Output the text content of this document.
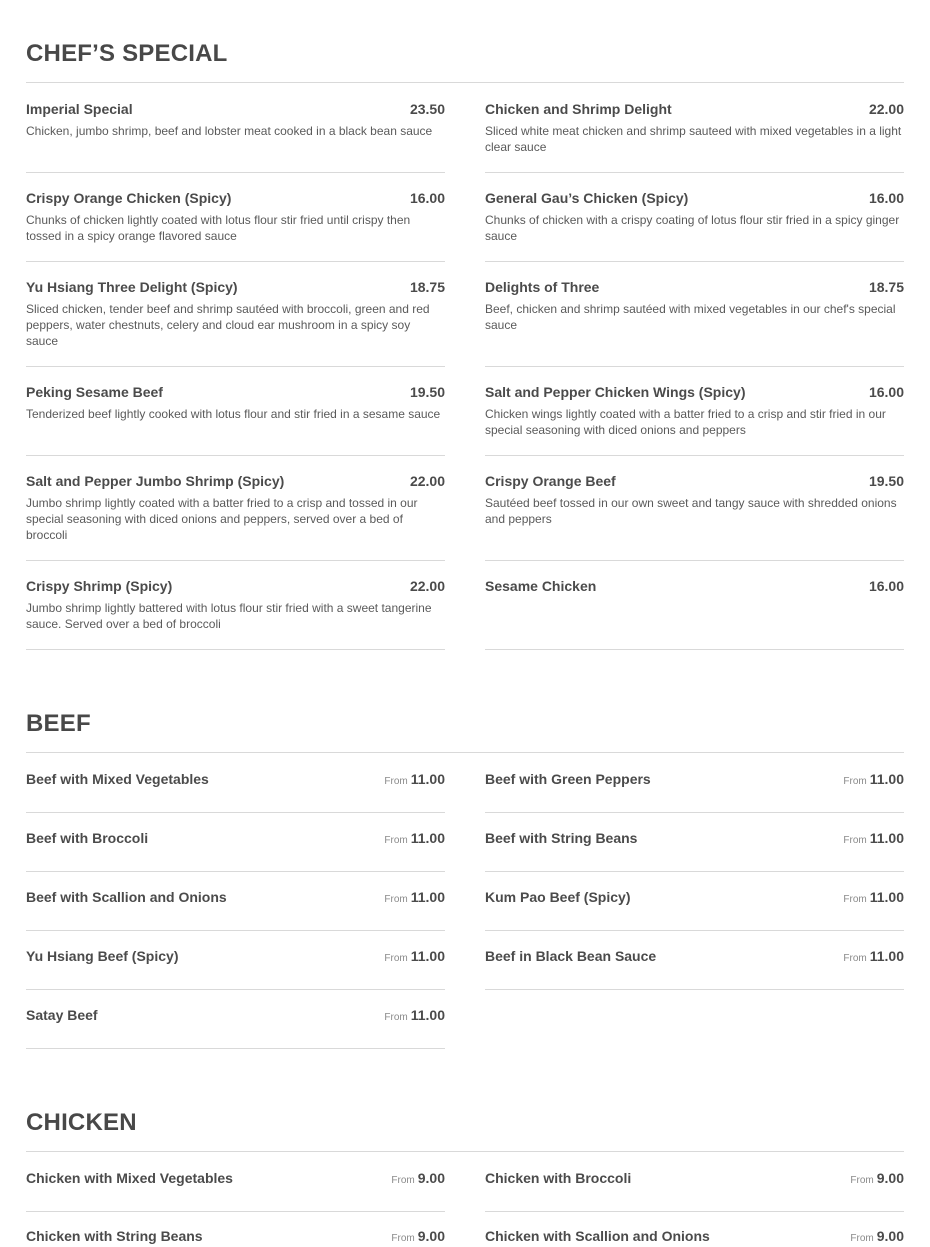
CHEF’S SPECIAL
Imperial Special	23.50

Chicken, jumbo shrimp, beef and lobster meat cooked in a black bean sauce

Chicken and Shrimp Delight	22.00

Sliced white meat chicken and shrimp sauteed with mixed vegetables in a light clear sauce

Crispy Orange Chicken (Spicy)	16.00

Chunks of chicken lightly coated with lotus flour stir fried until crispy then tossed in a spicy orange flavored sauce

General Gau’s Chicken (Spicy)	16.00

Chunks of chicken with a crispy coating of lotus flour stir fried in a spicy ginger sauce

Yu Hsiang Three Delight (Spicy)	18.75

Sliced chicken, tender beef and shrimp sautéed with broccoli, green and red peppers, water chestnuts, celery and cloud ear mushroom in a spicy soy sauce

Delights of Three	18.75

Beef, chicken and shrimp sautéed with mixed vegetables in our chef's special sauce

Peking Sesame Beef	19.50

Tenderized beef lightly cooked with lotus flour and stir fried in a sesame sauce

Salt and Pepper Chicken Wings (Spicy)	16.00

Chicken wings lightly coated with a batter fried to a crisp and stir fried in our special seasoning with diced onions and peppers

Salt and Pepper Jumbo Shrimp (Spicy)	22.00

Jumbo shrimp lightly coated with a batter fried to a crisp and tossed in our special seasoning with diced onions and peppers, served over a bed of broccoli

Crispy Orange Beef	19.50

Sautéed beef tossed in our own sweet and tangy sauce with shredded onions and peppers

Crispy Shrimp (Spicy)	22.00

Jumbo shrimp lightly battered with lotus flour stir fried with a sweet tangerine sauce. Served over a bed of broccoli

Sesame Chicken	16.00
BEEF
Beef with Mixed Vegetables	From 11.00	Beef with Green Peppers	From 11.00
Beef with Broccoli	From 11.00	Beef with String Beans	From 11.00
Beef with Scallion and Onions	From 11.00	Kum Pao Beef (Spicy)	From 11.00
Yu Hsiang Beef (Spicy)	From 11.00	Beef in Black Bean Sauce	From 11.00
Satay Beef	From 11.00
CHICKEN
Chicken with Mixed Vegetables	From 9.00	Chicken with Broccoli	From 9.00
Chicken with String Beans	From 9.00	Chicken with Scallion and Onions	From 9.00
